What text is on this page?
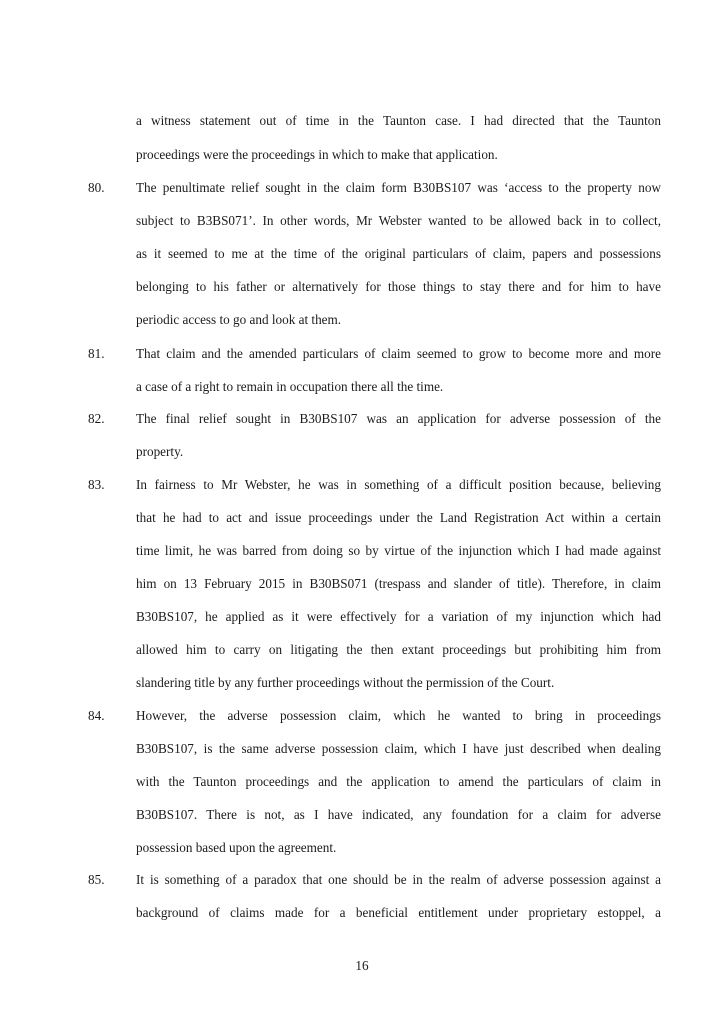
a witness statement out of time in the Taunton case. I had directed that the Taunton
proceedings were the proceedings in which to make that application.
80. The penultimate relief sought in the claim form B30BS107 was ‘access to the property now
subject to B3BS071’. In other words, Mr Webster wanted to be allowed back in to collect,
as it seemed to me at the time of the original particulars of claim, papers and possessions
belonging to his father or alternatively for those things to stay there and for him to have
periodic access to go and look at them.
81. That claim and the amended particulars of claim seemed to grow to become more and more
a case of a right to remain in occupation there all the time.
82. The final relief sought in B30BS107 was an application for adverse possession of the
property.
83. In fairness to Mr Webster, he was in something of a difficult position because, believing
that he had to act and issue proceedings under the Land Registration Act within a certain
time limit, he was barred from doing so by virtue of the injunction which I had made against
him on 13 February 2015 in B30BS071 (trespass and slander of title). Therefore, in claim
B30BS107, he applied as it were effectively for a variation of my injunction which had
allowed him to carry on litigating the then extant proceedings but prohibiting him from
slandering title by any further proceedings without the permission of the Court.
84. However, the adverse possession claim, which he wanted to bring in proceedings
B30BS107, is the same adverse possession claim, which I have just described when dealing
with the Taunton proceedings and the application to amend the particulars of claim in
B30BS107. There is not, as I have indicated, any foundation for a claim for adverse
possession based upon the agreement.
85. It is something of a paradox that one should be in the realm of adverse possession against a
background of claims made for a beneficial entitlement under proprietary estoppel, a
16
